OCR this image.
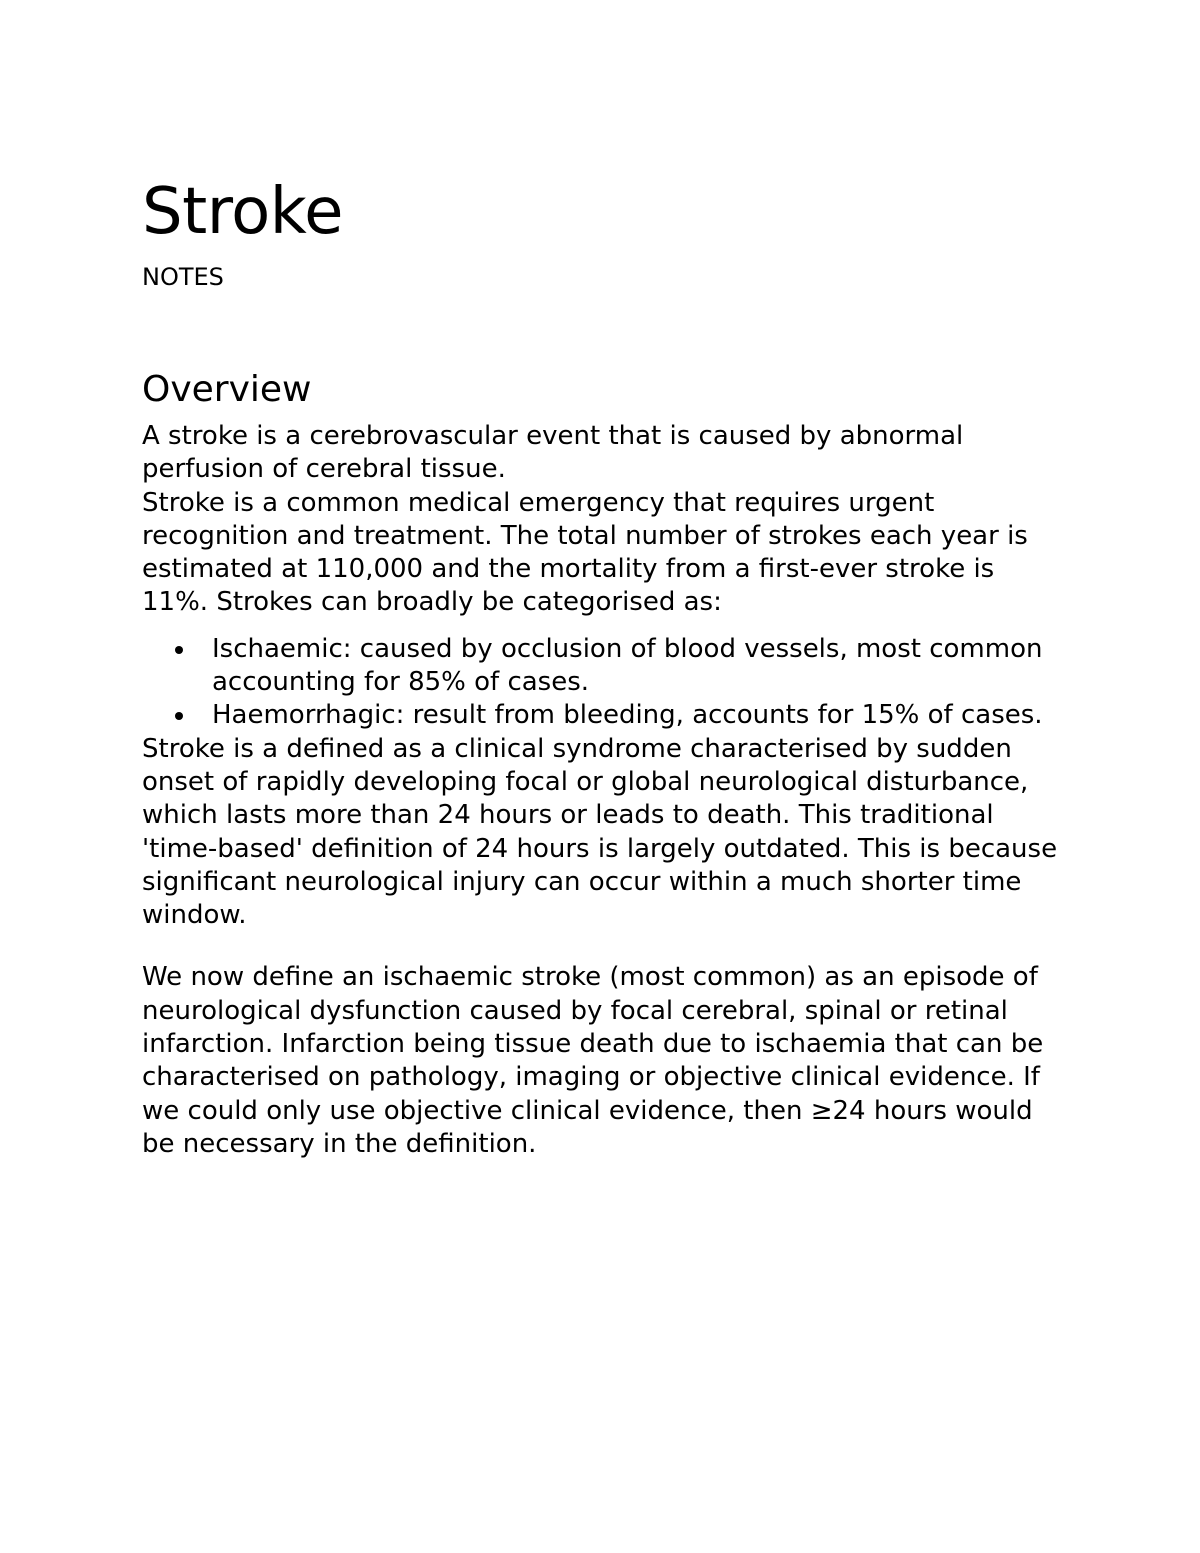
Stroke
NOTES
Overview

A stroke is a cerebrovascular event that is caused by abnormal perfusion of cerebral tissue.

Stroke is a common medical emergency that requires urgent recognition and treatment. The total number of strokes each year is estimated at 110,000 and the mortality from a first-ever stroke is 11%. Strokes can broadly be categorised as:

Ischaemic: caused by occlusion of blood vessels, most common accounting for 85% of cases.
Haemorrhagic: result from bleeding, accounts for 15% of cases.

Stroke is a defined as a clinical syndrome characterised by sudden onset of rapidly developing focal or global neurological disturbance, which lasts more than 24 hours or leads to death. This traditional 'time-based' definition of 24 hours is largely outdated. This is because significant neurological injury can occur within a much shorter time window.

We now define an ischaemic stroke (most common) as an episode of neurological dysfunction caused by focal cerebral, spinal or retinal infarction. Infarction being tissue death due to ischaemia that can be characterised on pathology, imaging or objective clinical evidence. If we could only use objective clinical evidence, then ≥24 hours would be necessary in the definition.
